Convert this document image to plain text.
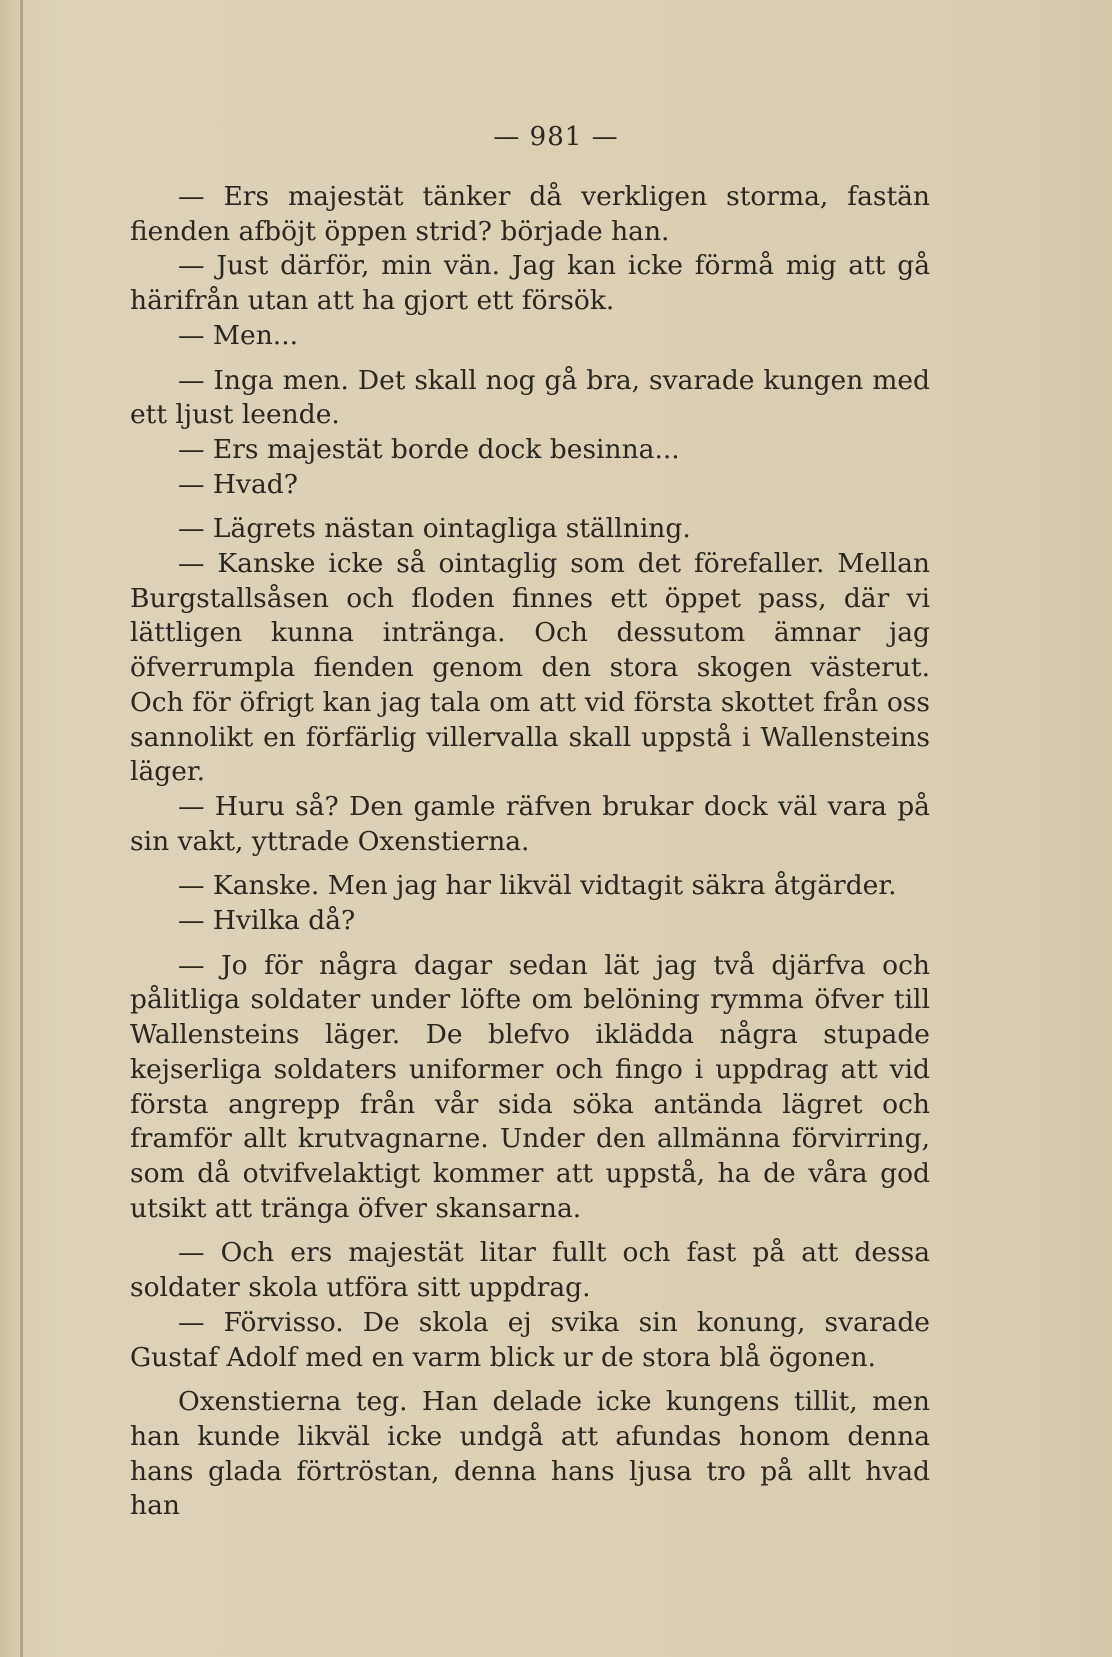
— 981 —

— Ers majestät tänker då verkligen storma, fastän fienden afböjt öppen strid? började han.

— Just därför, min vän. Jag kan icke förmå mig att gå härifrån utan att ha gjort ett försök.

— Men...

— Inga men. Det skall nog gå bra, svarade kungen med ett ljust leende.

— Ers majestät borde dock besinna...

— Hvad?

— Lägrets nästan ointagliga ställning.

— Kanske icke så ointaglig som det förefaller. Mellan Burgstallsåsen och floden finnes ett öppet pass, där vi lättligen kunna inträngа. Och dessutom ämnar jag öfverrumpla fienden genom den stora skogen västerut. Och för öfrigt kan jag tala om att vid första skottet från oss sannolikt en förfärlig villervalla skall uppstå i Wallensteins läger.

— Huru så? Den gamle räfven brukar dock väl vara på sin vakt, yttrade Oxenstierna.

— Kanske. Men jag har likväl vidtagit säkra åtgärder.

— Hvilka då?

— Jo för några dagar sedan lät jag två djärfva och pålitliga soldater under löfte om belöning rymma öfver till Wallensteins läger. De blefvo iklädda några stupade kejserliga soldaters uniformer och fingo i uppdrag att vid första angrepp från vår sida söka antända lägret och framför allt krutvagnarne. Under den allmänna förvirring, som då otvifvelaktigt kommer att uppstå, ha de våra god utsikt att tränga öfver skansarna.

— Och ers majestät litar fullt och fast på att dessa soldater skola utföra sitt uppdrag.

— Förvisso. De skola ej svika sin konung, svarade Gustaf Adolf med en varm blick ur de stora blå ögonen.

Oxenstierna teg. Han delade icke kungens tillit, men han kunde likväl icke undgå att afundas honom denna hans glada förtröstan, denna hans ljusa tro på allt hvad han
